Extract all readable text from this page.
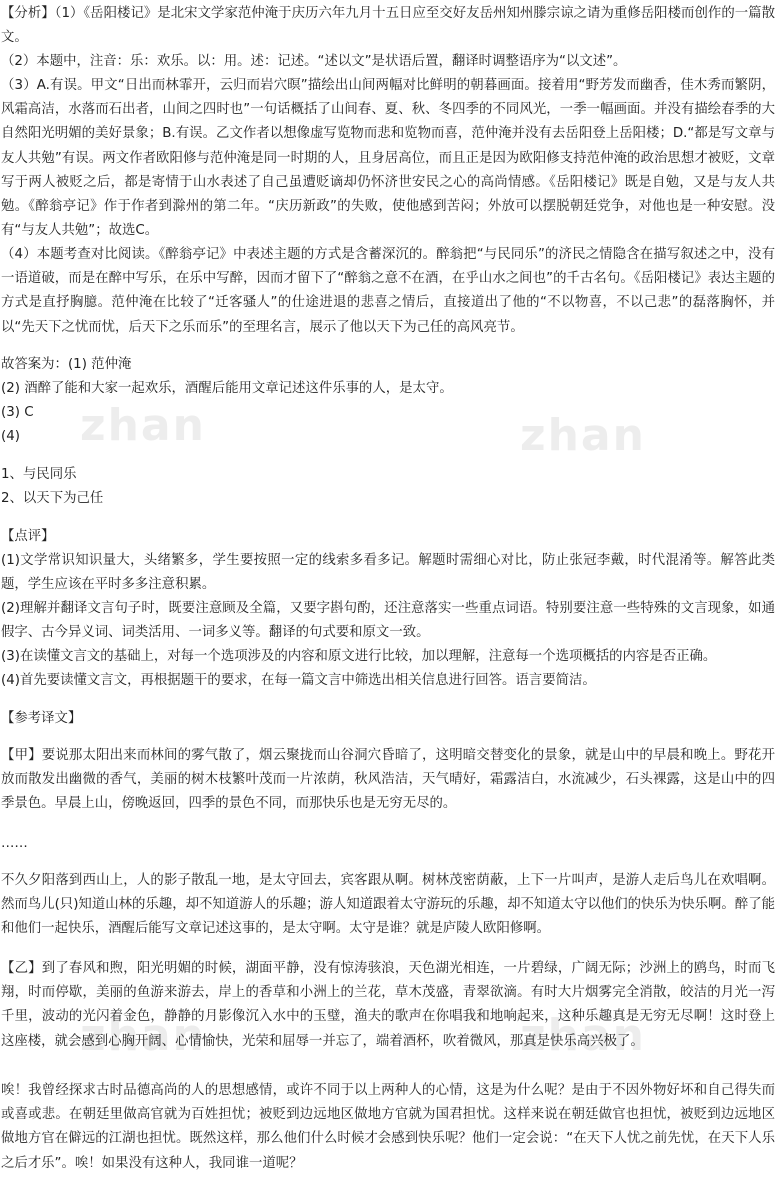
zhan	zhan
zhan	zhan

【分析】（1）《岳阳楼记》是北宋文学家范仲淹于庆历六年九月十五日应至交好友岳州知州滕宗谅之请为重修岳阳楼而创作的一篇散文。

（2）本题中，注音：乐：欢乐。以：用。述：记述。“述以文”是状语后置，翻译时调整语序为“以文述”。

（3）A.有误。甲文“日出而林霏开，云归而岩穴暝”描绘出山间两幅对比鲜明的朝暮画面。接着用“野芳发而幽香，佳木秀而繁阴，风霜高洁，水落而石出者，山间之四时也”一句话概括了山间春、夏、秋、冬四季的不同风光，一季一幅画面。并没有描绘春季的大自然阳光明媚的美好景象；B.有误。乙文作者以想像虚写览物而悲和览物而喜，范仲淹并没有去岳阳登上岳阳楼；D.“都是写文章与友人共勉”有误。两文作者欧阳修与范仲淹是同一时期的人，且身居高位，而且正是因为欧阳修支持范仲淹的政治思想才被贬，文章写于两人被贬之后，都是寄情于山水表述了自己虽遭贬谪却仍怀济世安民之心的高尚情感。《岳阳楼记》既是自勉，又是与友人共勉。《醉翁亭记》作于作者到滁州的第二年。“庆历新政”的失败，使他感到苦闷；外放可以摆脱朝廷党争，对他也是一种安慰。没有“与友人共勉”；故选C。

（4）本题考查对比阅读。《醉翁亭记》中表述主题的方式是含蓄深沉的。醉翁把“与民同乐”的济民之情隐含在描写叙述之中，没有一语道破，而是在醉中写乐，在乐中写醉，因而才留下了“醉翁之意不在酒，在乎山水之间也”的千古名句。《岳阳楼记》表达主题的方式是直抒胸臆。范仲淹在比较了“迁客骚人”的仕途进退的悲喜之情后，直接道出了他的“不以物喜，不以己悲”的磊落胸怀，并以“先天下之忧而忧，后天下之乐而乐”的至理名言，展示了他以天下为己任的高风亮节。

故答案为：(1) 范仲淹

(2) 酒醉了能和大家一起欢乐，酒醒后能用文章记述这件乐事的人，是太守。

(3) C

(4)

1、与民同乐

2、以天下为己任

【点评】

(1)文学常识知识量大，头绪繁多，学生要按照一定的线索多看多记。解题时需细心对比，防止张冠李戴，时代混淆等。解答此类题，学生应该在平时多多注意积累。

(2)理解并翻译文言句子时，既要注意顾及全篇，又要字斟句酌，还注意落实一些重点词语。特别要注意一些特殊的文言现象，如通假字、古今异义词、词类活用、一词多义等。翻译的句式要和原文一致。

(3)在读懂文言文的基础上，对每一个选项涉及的内容和原文进行比较，加以理解，注意每一个选项概括的内容是否正确。

(4)首先要读懂文言文，再根据题干的要求，在每一篇文言中筛选出相关信息进行回答。语言要简洁。

【参考译文】

【甲】要说那太阳出来而林间的雾气散了，烟云聚拢而山谷洞穴昏暗了，这明暗交替变化的景象，就是山中的早晨和晚上。野花开放而散发出幽微的香气，美丽的树木枝繁叶茂而一片浓荫，秋风浩洁，天气晴好，霜露洁白，水流减少，石头裸露，这是山中的四季景色。早晨上山，傍晚返回，四季的景色不同，而那快乐也是无穷无尽的。

……

不久夕阳落到西山上，人的影子散乱一地，是太守回去，宾客跟从啊。树林茂密荫蔽，上下一片叫声，是游人走后鸟儿在欢唱啊。然而鸟儿(只)知道山林的乐趣，却不知道游人的乐趣；游人知道跟着太守游玩的乐趣，却不知道太守以他们的快乐为快乐啊。醉了能和他们一起快乐，酒醒后能写文章记述这事的，是太守啊。太守是谁？就是庐陵人欧阳修啊。

【乙】到了春风和煦，阳光明媚的时候，湖面平静，没有惊涛骇浪，天色湖光相连，一片碧绿，广阔无际；沙洲上的鸥鸟，时而飞翔，时而停歇，美丽的鱼游来游去，岸上的香草和小洲上的兰花，草木茂盛，青翠欲滴。有时大片烟雾完全消散，皎洁的月光一泻千里，波动的光闪着金色，静静的月影像沉入水中的玉璧，渔夫的歌声在你唱我和地响起来，这种乐趣真是无穷无尽啊！这时登上这座楼，就会感到心胸开阔、心情愉快，光荣和屈辱一并忘了，端着酒杯，吹着微风，那真是快乐高兴极了。

唉！我曾经探求古时品德高尚的人的思想感情，或许不同于以上两种人的心情，这是为什么呢？是由于不因外物好坏和自己得失而或喜或悲。在朝廷里做高官就为百姓担忧；被贬到边远地区做地方官就为国君担忧。这样来说在朝廷做官也担忧，被贬到边远地区做地方官在僻远的江湖也担忧。既然这样，那么他们什么时候才会感到快乐呢？他们一定会说：“在天下人忧之前先忧，在天下人乐之后才乐”。唉！如果没有这种人，我同谁一道呢？
